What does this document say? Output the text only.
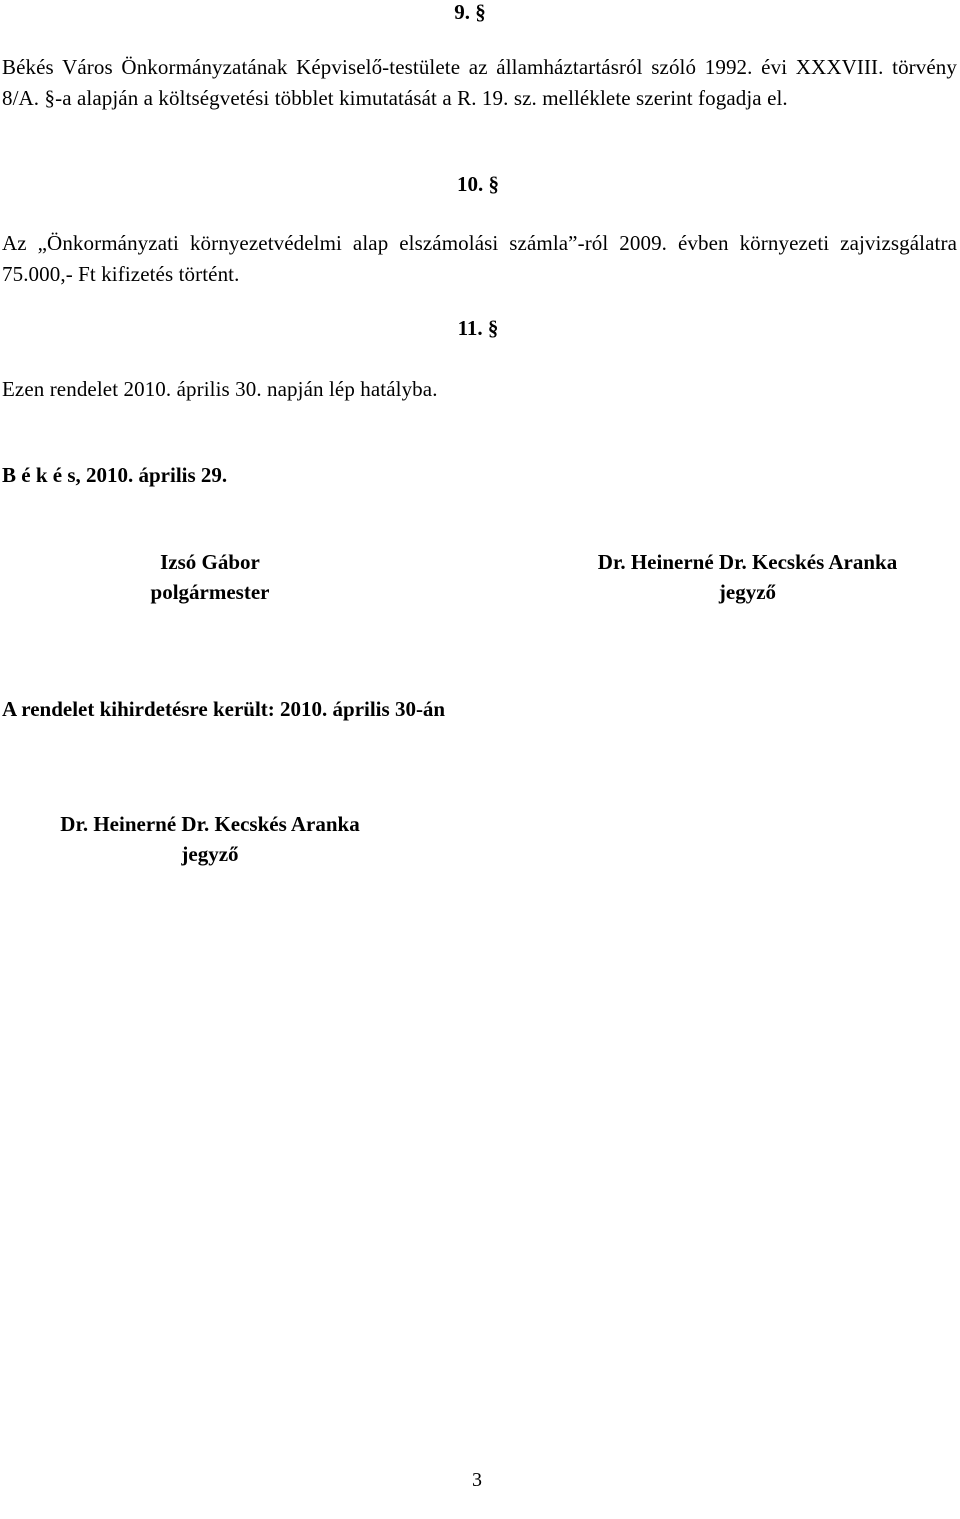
9. §
Békés Város Önkormányzatának Képviselő-testülete az államháztartásról szóló 1992. évi XXXVIII. törvény 8/A. §-a alapján a költségvetési többlet kimutatását a R. 19. sz. melléklete szerint fogadja el.
10. §
Az „Önkormányzati környezetvédelmi alap elszámolási számla”-ról 2009. évben környezeti zajvizsgálatra 75.000,- Ft kifizetés történt.
11. §
Ezen rendelet 2010. április 30. napján lép hatályba.
B é k é s, 2010. április 29.
Izsó Gábor
polgármester
Dr. Heinerné Dr. Kecskés Aranka
jegyző
A rendelet kihirdetésre került: 2010. április 30-án
Dr. Heinerné Dr. Kecskés Aranka
jegyző
3
